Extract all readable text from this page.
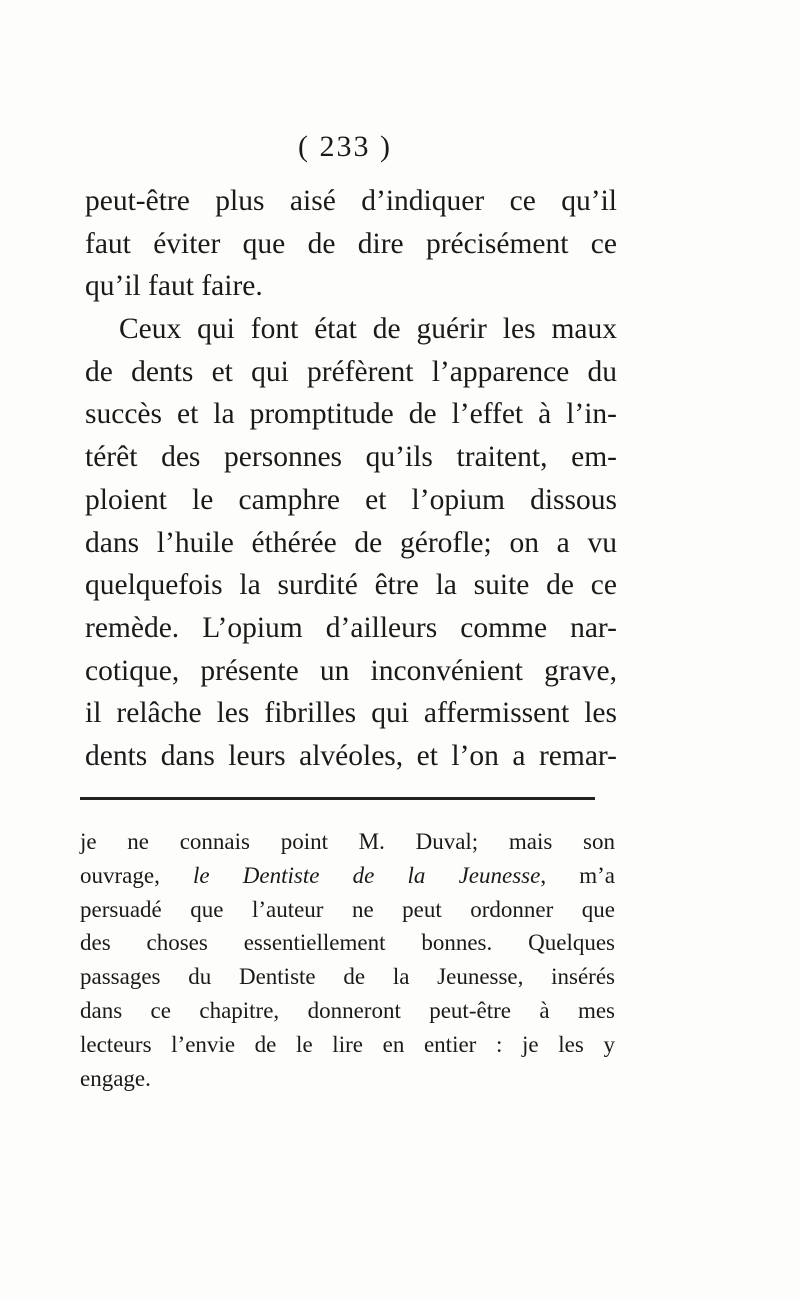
( 233 )
peut-être plus aisé d’indiquer ce qu’il
faut éviter que de dire précisément ce
qu’il faut faire.
Ceux qui font état de guérir les maux
de dents et qui préfèrent l’apparence du
succès et la promptitude de l’effet à l’in-
térêt des personnes qu’ils traitent, em-
ploient le camphre et l’opium dissous
dans l’huile éthérée de gérofle; on a vu
quelquefois la surdité être la suite de ce
remède. L’opium d’ailleurs comme nar-
cotique, présente un inconvénient grave,
il relâche les fibrilles qui affermissent les
dents dans leurs alvéoles, et l’on a remar-
je ne connais point M. Duval; mais son
ouvrage, le Dentiste de la Jeunesse, m’a
persuadé que l’auteur ne peut ordonner que
des choses essentiellement bonnes. Quelques
passages du Dentiste de la Jeunesse, insérés
dans ce chapitre, donneront peut-être à mes
lecteurs l’envie de le lire en entier : je les y
engage.
